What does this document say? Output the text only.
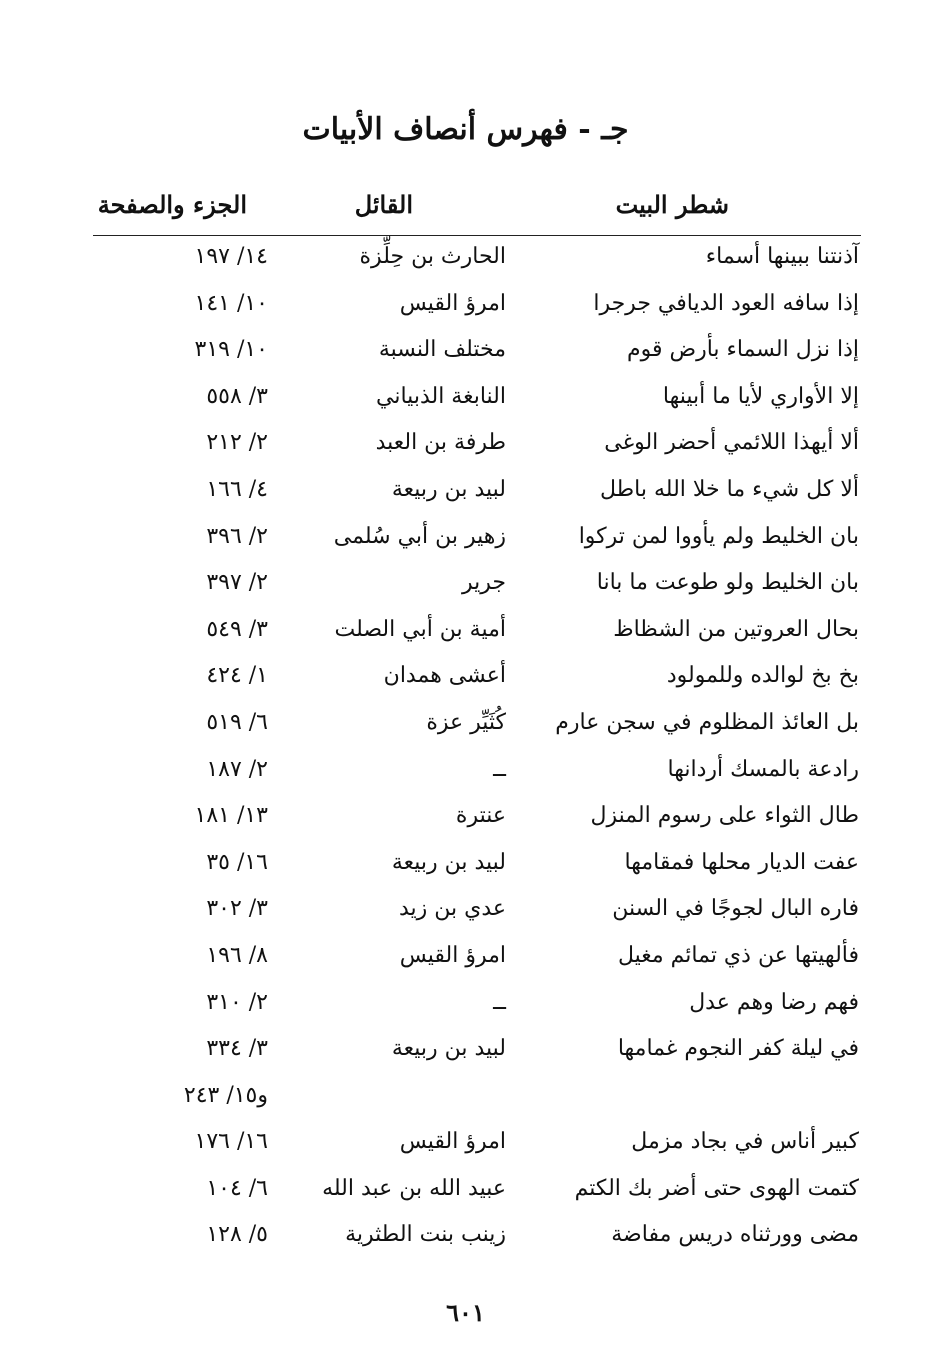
جـ - فهرس أنصاف الأبيات
شطر البيت
القائل
الجزء والصفحة
آذنتنا ببينها أسماء
الحارث بن حِلِّزة
١٤/ ١٩٧
إذا سافه العود الديافي جرجرا
امرؤ القيس
١٠/ ١٤١
إذا نزل السماء بأرض قوم
مختلف النسبة
١٠/ ٣١٩
إلا الأواري لأيا ما أبينها
النابغة الذبياني
٣/ ٥٥٨
ألا أيهذا اللائمي أحضر الوغى
طرفة بن العبد
٢/ ٢١٢
ألا كل شيء ما خلا الله باطل
لبيد بن ربيعة
٤/ ١٦٦
بان الخليط ولم يأووا لمن تركوا
زهير بن أبي سُلمى
٢/ ٣٩٦
بان الخليط ولو طوعت ما بانا
جرير
٢/ ٣٩٧
بحال العروتين من الشظاظ
أمية بن أبي الصلت
٣/ ٥٤٩
بخ بخ لوالده وللمولود
أعشى همدان
١/ ٤٢٤
بل العائذ المظلوم في سجن عارم
كُثَيِّر عزة
٦/ ٥١٩
رادعة بالمسك أردانها
ــ
٢/ ١٨٧
طال الثواء على رسوم المنزل
عنترة
١٣/ ١٨١
عفت الديار محلها فمقامها
لبيد بن ربيعة
١٦/ ٣٥
فاره البال لجوجًا في السنن
عدي بن زيد
٣/ ٣٠٢
فألهيتها عن ذي تمائم مغيل
امرؤ القيس
٨/ ١٩٦
فهم رضا وهم عدل
ــ
٢/ ٣١٠
في ليلة كفر النجوم غمامها
لبيد بن ربيعة
٣/ ٣٣٤
و١٥/ ٢٤٣
كبير أناس في بجاد مزمل
امرؤ القيس
١٦/ ١٧٦
كتمت الهوى حتى أضر بك الكتم
عبيد الله بن عبد الله
٦/ ١٠٤
مضى وورثناه دريس مفاضة
زينب بنت الطثرية
٥/ ١٢٨
٦٠١
